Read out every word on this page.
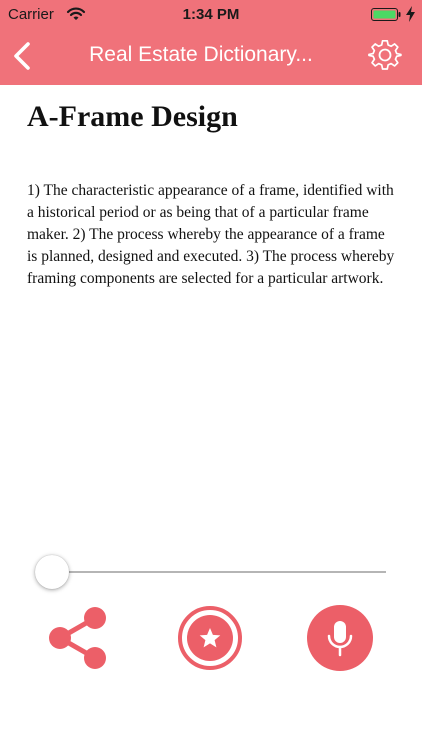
Carrier	1:34 PM
Real Estate Dictionary...
A-Frame Design

1) The characteristic appearance of a frame, identified with a historical period or as being that of a particular frame maker. 2) The process whereby the appearance of a frame is planned, designed and executed. 3) The process whereby framing components are selected for a particular artwork.
